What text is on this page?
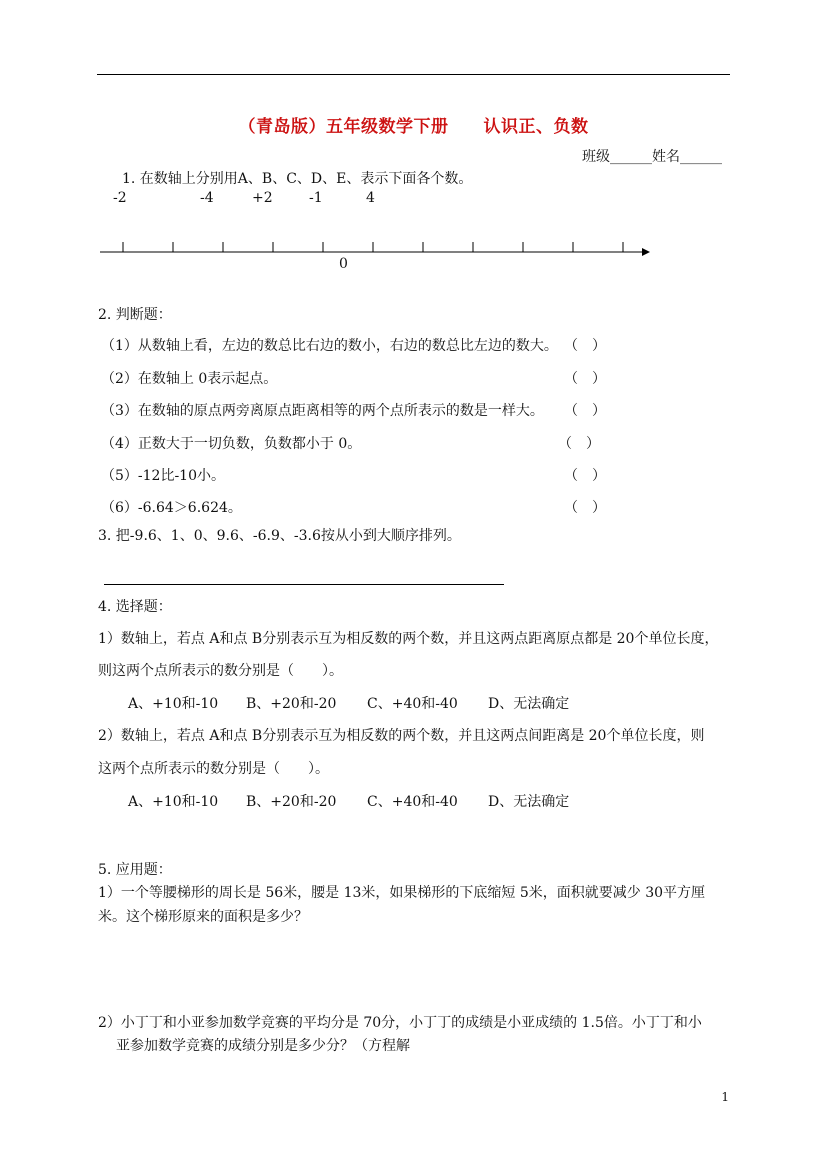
（青岛版）五年级数学下册　　认识正、负数
班级______姓名______
1. 在数轴上分别用A、B、C、D、E、表示下面各个数。
-2	-4	+2	-1	4
0
2. 判断题：
（1）从数轴上看，左边的数总比右边的数小，右边的数总比左边的数大。 （　）
（2）在数轴上 0表示起点。	（　）
（3）在数轴的原点两旁离原点距离相等的两个点所表示的数是一样大。 （　）
（4）正数大于一切负数，负数都小于 0。	（　）
（5）-12比-10小。	（　）
（6）-6.64＞6.624。	（　）
3. 把-9.6、1、0、9.6、-6.9、-3.6按从小到大顺序排列。
4. 选择题：
1）数轴上，若点 A和点 B分别表示互为相反数的两个数，并且这两点距离原点都是 20个单位长度，
则这两个点所表示的数分别是（　　）。
A、+10和-10 B、+20和-20 C、+40和-40 D、无法确定
2）数轴上，若点 A和点 B分别表示互为相反数的两个数，并且这两点间距离是 20个单位长度，则
这两个点所表示的数分别是（　　）。
A、+10和-10 B、+20和-20 C、+40和-40 D、无法确定
5. 应用题：
1）一个等腰梯形的周长是 56米，腰是 13米，如果梯形的下底缩短 5米，面积就要减少 30平方厘
米。这个梯形原来的面积是多少？
2）小丁丁和小亚参加数学竞赛的平均分是 70分，小丁丁的成绩是小亚成绩的 1.5倍。小丁丁和小
亚参加数学竞赛的成绩分别是多少分？（方程解
1
